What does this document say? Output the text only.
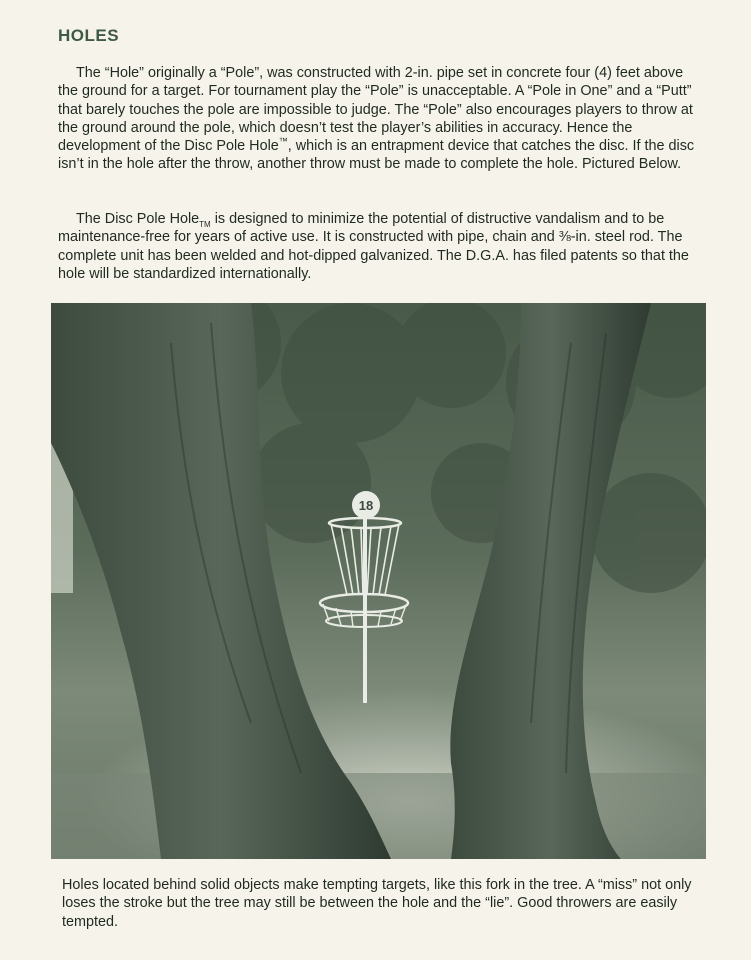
HOLES

The “Hole” originally a “Pole”, was constructed with 2-in. pipe set in concrete four (4) feet above the ground for a target. For tournament play the “Pole” is unacceptable. A “Pole in One” and a “Putt” that barely touches the pole are impossible to judge. The “Pole” also encourages players to throw at the ground around the pole, which doesn’t test the player’s abilities in accuracy. Hence the development of the Disc Pole Hole™, which is an entrapment device that catches the disc. If the disc isn’t in the hole after the throw, another throw must be made to complete the hole. Pictured Below.

The Disc Pole Hole$_{TM}$ is designed to minimize the potential of distructive vandalism and to be maintenance-free for years of active use. It is constructed with pipe, chain and ⅜-in. steel rod. The complete unit has been welded and hot-dipped galvanized. The D.G.A. has filed patents so that the hole will be standardized internationally.

18

Holes located behind solid objects make tempting targets, like this fork in the tree. A “miss” not only loses the stroke but the tree may still be between the hole and the “lie”. Good throwers are easily tempted.
